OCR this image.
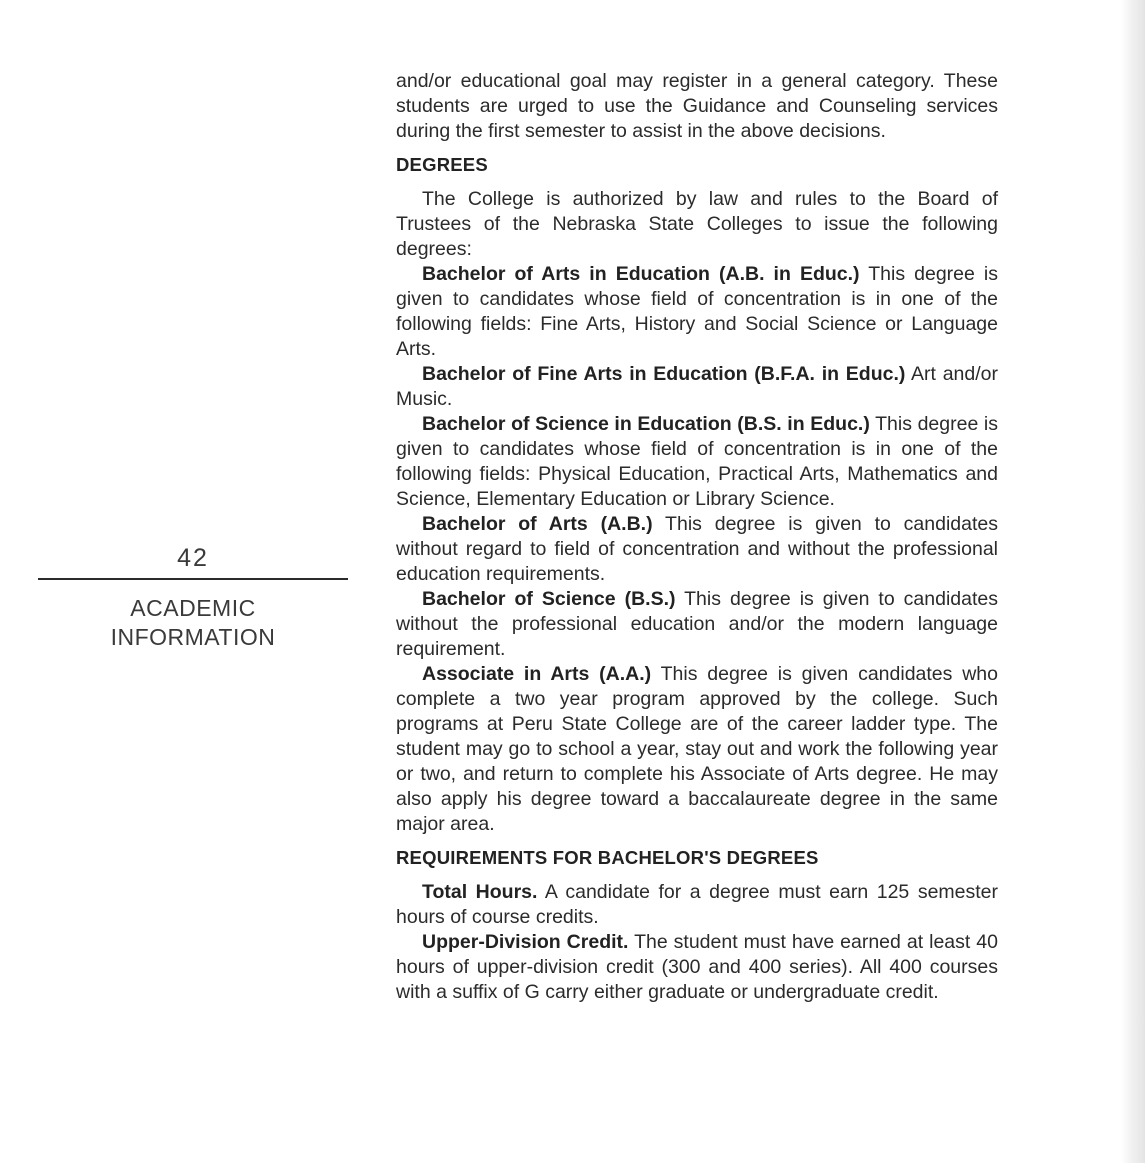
42
ACADEMIC
INFORMATION

and/or educational goal may register in a general category. These students are urged to use the Guidance and Counseling services during the first semester to assist in the above decisions.

DEGREES

The College is authorized by law and rules to the Board of Trustees of the Nebraska State Colleges to issue the following degrees:

Bachelor of Arts in Education (A.B. in Educ.) This degree is given to candidates whose field of concentration is in one of the following fields: Fine Arts, History and Social Science or Language Arts.

Bachelor of Fine Arts in Education (B.F.A. in Educ.) Art and/or Music.

Bachelor of Science in Education (B.S. in Educ.) This degree is given to candidates whose field of concentration is in one of the following fields: Physical Education, Practical Arts, Mathematics and Science, Elementary Education or Library Science.

Bachelor of Arts (A.B.) This degree is given to candidates without regard to field of concentration and without the professional education requirements.

Bachelor of Science (B.S.) This degree is given to candidates without the professional education and/or the modern language requirement.

Associate in Arts (A.A.) This degree is given candidates who complete a two year program approved by the college. Such programs at Peru State College are of the career ladder type. The student may go to school a year, stay out and work the following year or two, and return to complete his Associate of Arts degree. He may also apply his degree toward a baccalaureate degree in the same major area.

REQUIREMENTS FOR BACHELOR'S DEGREES

Total Hours. A candidate for a degree must earn 125 semester hours of course credits.

Upper-Division Credit. The student must have earned at least 40 hours of upper-division credit (300 and 400 series). All 400 courses with a suffix of G carry either graduate or undergraduate credit.
